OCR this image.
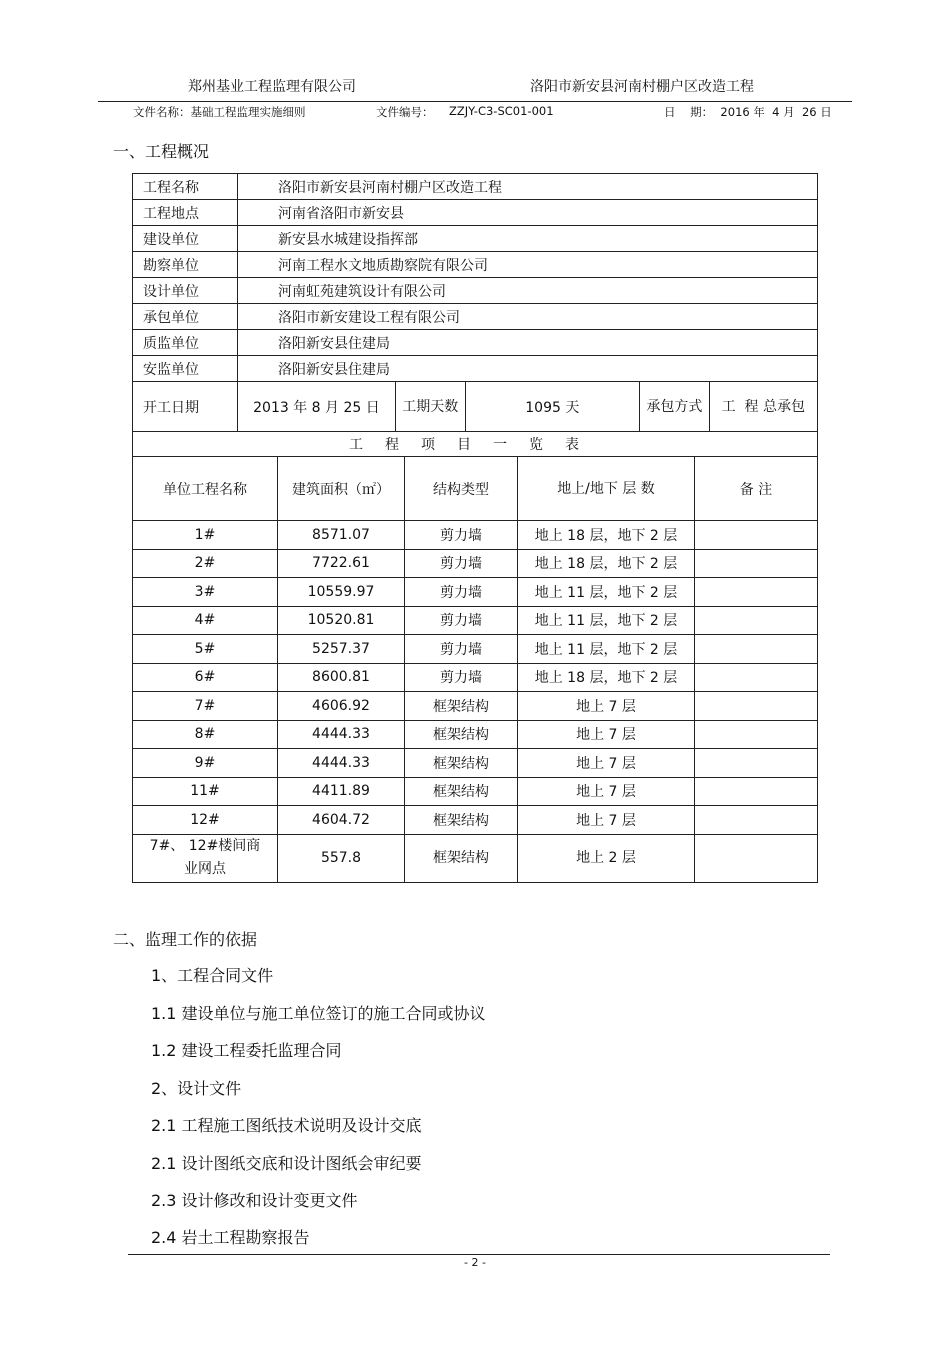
郑州基业工程监理有限公司	洛阳市新安县河南村棚户区改造工程
文件名称：基础工程监理实施细则	文件编号： ZZJY-C3-SC01-001	日    期：  2016 年  4 月  26 日
一、工程概况
工程名称	洛阳市新安县河南村棚户区改造工程				
工程地点	河南省洛阳市新安县				
建设单位	新安县水城建设指挥部				
勘察单位	河南工程水文地质勘察院有限公司				
设计单位	河南虹苑建筑设计有限公司				
承包单位	洛阳市新安建设工程有限公司				
质监单位	洛阳新安县住建局				
安监单位	洛阳新安县住建局				
开工日期	2013 年 8 月 25 日	工期天数	1095 天	承包方式	工  程 总承包
工程项目一览表					
单位工程名称	建筑面积（㎡）	结构类型	地上/地下 层 数	备 注
1#	8571.07	剪力墙	地上 18 层，地下 2 层	
2#	7722.61	剪力墙	地上 18 层，地下 2 层	
3#	10559.97	剪力墙	地上 11 层，地下 2 层	
4#	10520.81	剪力墙	地上 11 层，地下 2 层	
5#	5257.37	剪力墙	地上 11 层，地下 2 层	
6#	8600.81	剪力墙	地上 18 层，地下 2 层	
7#	4606.92	框架结构	地上 7 层	
8#	4444.33	框架结构	地上 7 层	
9#	4444.33	框架结构	地上 7 层	
11#	4411.89	框架结构	地上 7 层	
12#	4604.72	框架结构	地上 7 层	
7#、 12#楼间商业网点	557.8	框架结构	地上 2 层	
二、监理工作的依据
1、工程合同文件
1.1 建设单位与施工单位签订的施工合同或协议
1.2 建设工程委托监理合同
2、设计文件
2.1 工程施工图纸技术说明及设计交底
2.1 设计图纸交底和设计图纸会审纪要
2.3 设计修改和设计变更文件
2.4 岩土工程勘察报告
- 2 -
